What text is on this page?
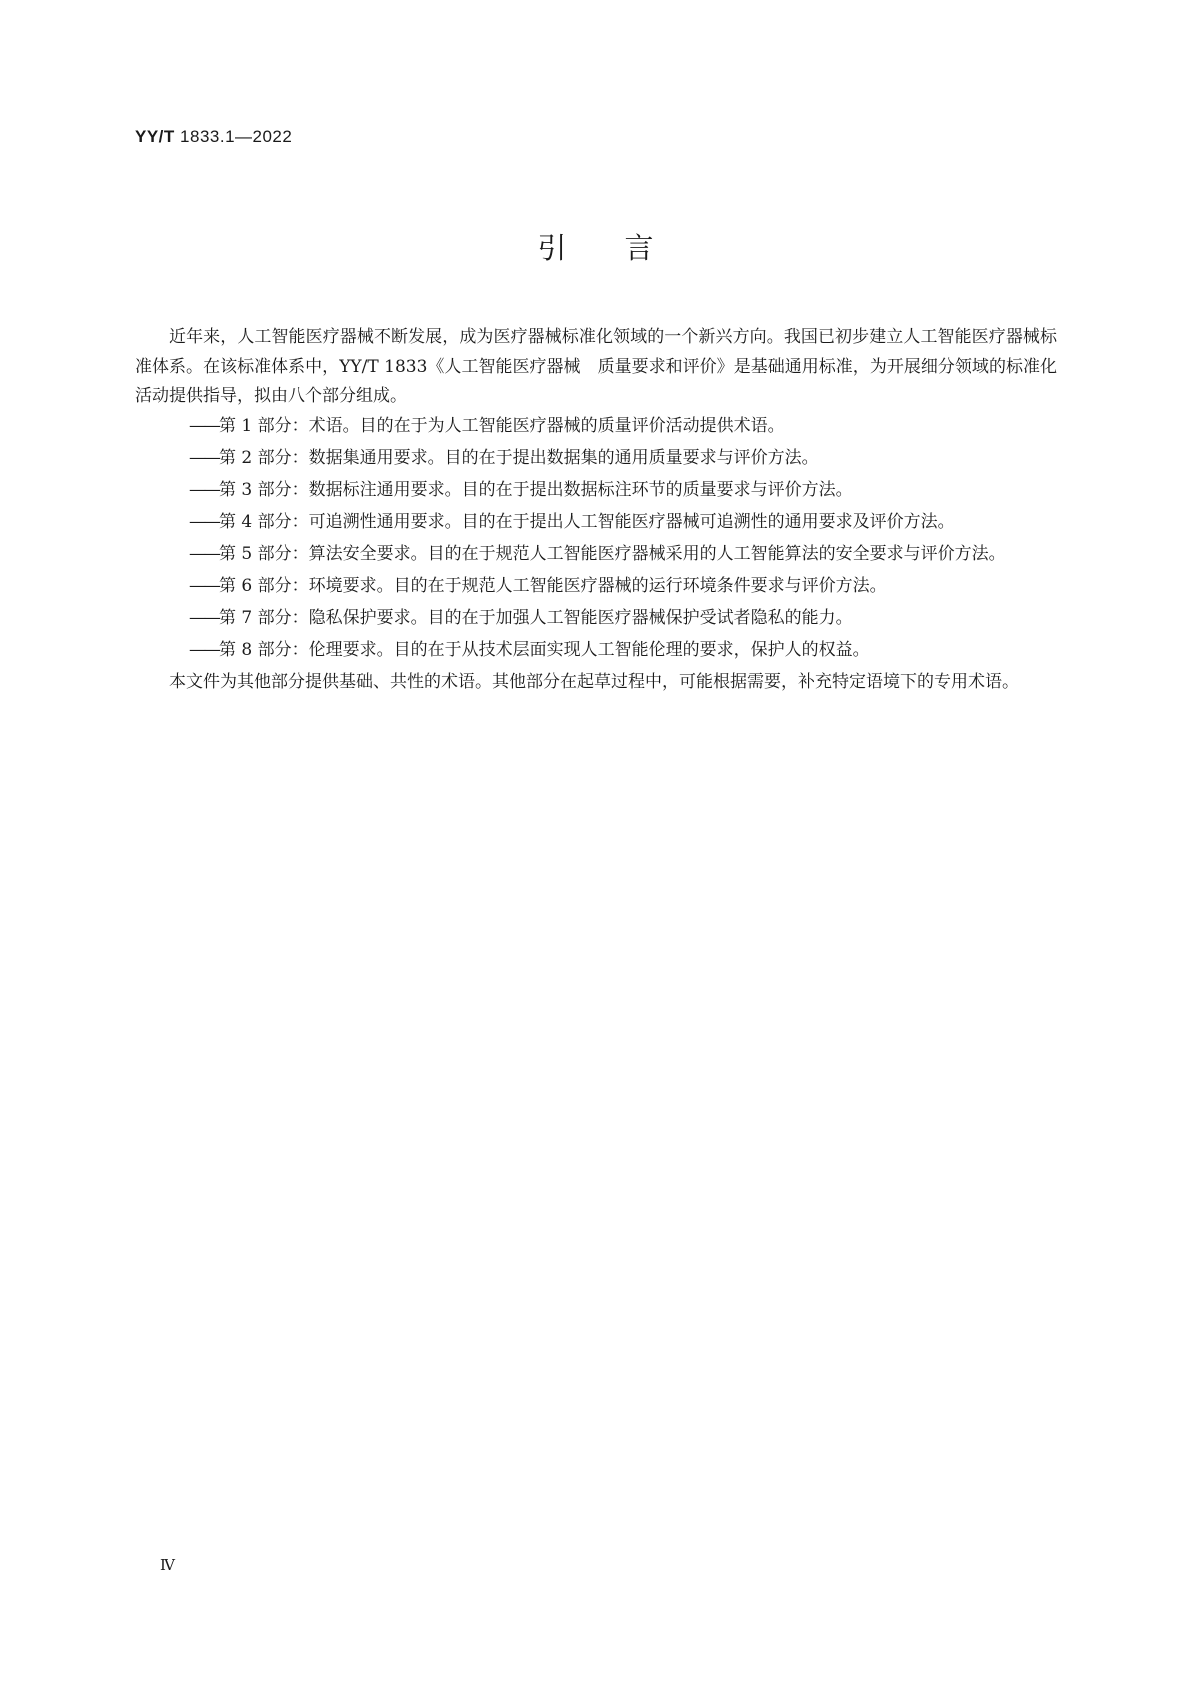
YY/T 1833.1—2022
引言

近年来，人工智能医疗器械不断发展，成为医疗器械标准化领域的一个新兴方向。我国已初步建立人工智能医疗器械标准体系。在该标准体系中，YY/T 1833《人工智能医疗器械　质量要求和评价》是基础通用标准，为开展细分领域的标准化活动提供指导，拟由八个部分组成。

—— 第 1 部分：术语。目的在于为人工智能医疗器械的质量评价活动提供术语。
—— 第 2 部分：数据集通用要求。目的在于提出数据集的通用质量要求与评价方法。
—— 第 3 部分：数据标注通用要求。目的在于提出数据标注环节的质量要求与评价方法。
—— 第 4 部分：可追溯性通用要求。目的在于提出人工智能医疗器械可追溯性的通用要求及评价方法。
—— 第 5 部分：算法安全要求。目的在于规范人工智能医疗器械采用的人工智能算法的安全要求与评价方法。
—— 第 6 部分：环境要求。目的在于规范人工智能医疗器械的运行环境条件要求与评价方法。
—— 第 7 部分：隐私保护要求。目的在于加强人工智能医疗器械保护受试者隐私的能力。
—— 第 8 部分：伦理要求。目的在于从技术层面实现人工智能伦理的要求，保护人的权益。

本文件为其他部分提供基础、共性的术语。其他部分在起草过程中，可能根据需要，补充特定语境下的专用术语。

Ⅳ
